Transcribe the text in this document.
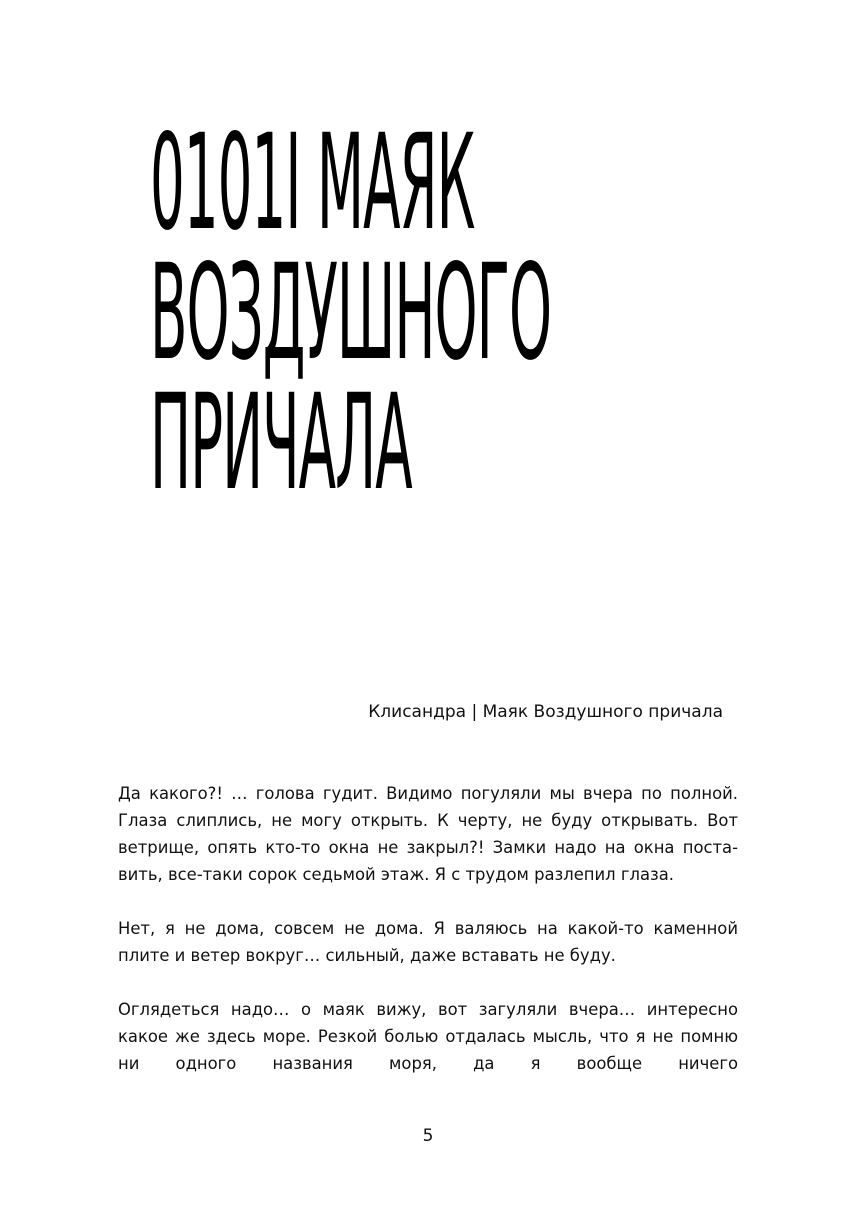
0101I МАЯК
ВОЗДУШНОГО
ПРИЧАЛА
Клисандра | Маяк Воздушного причала

Да какого?! … голова гудит. Видимо погуляли мы вчера по полной. Глаза слиплись, не могу открыть. К черту, не буду открывать. Вот ветрище, опять кто-то окна не закрыл?! Замки надо на окна поста-вить, все-таки сорок седьмой этаж. Я с трудом разлепил глаза.

Нет, я не дома, совсем не дома. Я валяюсь на какой-то каменной плите и ветер вокруг… сильный, даже вставать не буду.

Оглядеться надо… о маяк вижу, вот загуляли вчера… интересно какое же здесь море. Резкой болью отдалась мысль, что я не помню ни одного названия моря, да я вообще ничего

5
